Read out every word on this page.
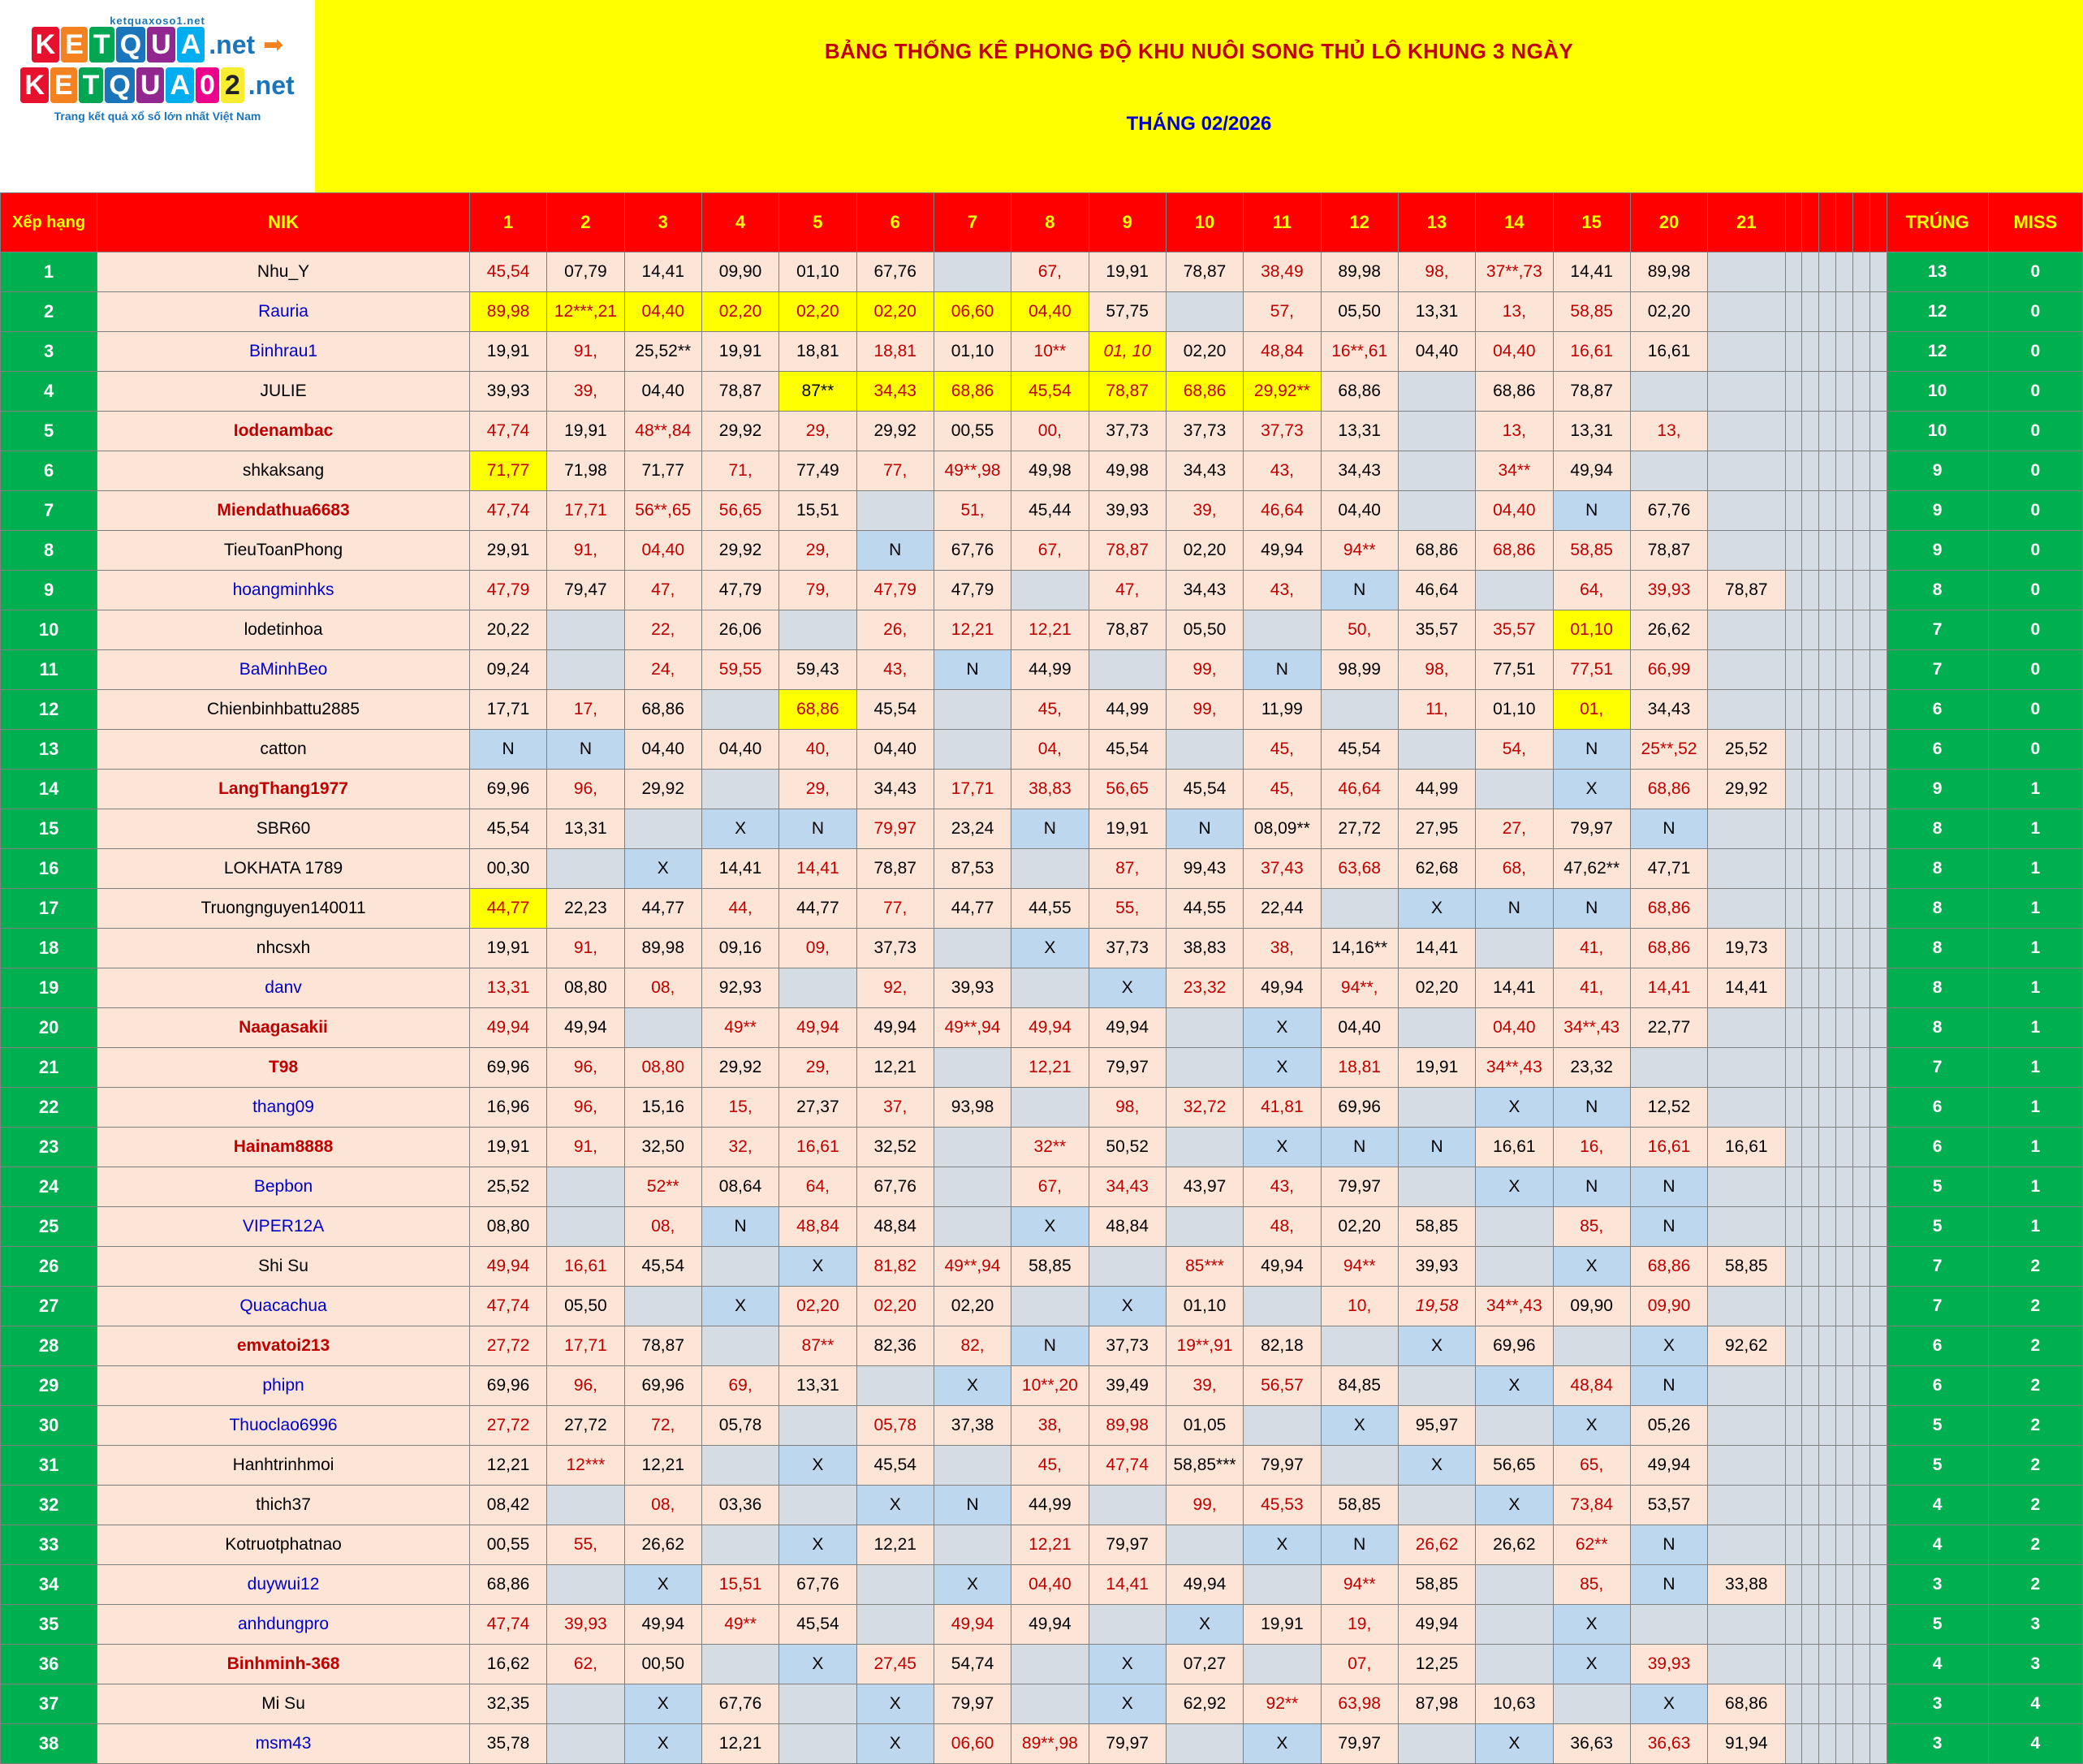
ketquaxoso1.net
K E T Q U A .net ➡
K E T Q U A 0 2 .net
Trang kết quả xổ số lớn nhất Việt Nam
BẢNG THỐNG KÊ PHONG ĐỘ KHU NUÔI SONG THỦ LÔ KHUNG 3 NGÀY
THÁNG 02/2026
Xếp hạng	NIK	1	2	3	4	5	6	7	8	9	10	11	12	13	14	15	20	21							TRÚNG	MISS
1	Nhu_Y	45,54	07,79	14,41	09,90	01,10	67,76		67,	19,91	78,87	38,49	89,98	98,	37**,73	14,41	89,98								13	0
2	Rauria	89,98	12***,21	04,40	02,20	02,20	02,20	06,60	04,40	57,75		57,	05,50	13,31	13,	58,85	02,20								12	0
3	Binhrau1	19,91	91,	25,52**	19,91	18,81	18,81	01,10	10**	01, 10	02,20	48,84	16**,61	04,40	04,40	16,61	16,61								12	0
4	JULIE	39,93	39,	04,40	78,87	87**	34,43	68,86	45,54	78,87	68,86	29,92**	68,86		68,86	78,87									10	0
5	Iodenambac	47,74	19,91	48**,84	29,92	29,	29,92	00,55	00,	37,73	37,73	37,73	13,31		13,	13,31	13,								10	0
6	shkaksang	71,77	71,98	71,77	71,	77,49	77,	49**,98	49,98	49,98	34,43	43,	34,43		34**	49,94									9	0
7	Miendathua6683	47,74	17,71	56**,65	56,65	15,51		51,	45,44	39,93	39,	46,64	04,40		04,40	N	67,76								9	0
8	TieuToanPhong	29,91	91,	04,40	29,92	29,	N	67,76	67,	78,87	02,20	49,94	94**	68,86	68,86	58,85	78,87								9	0
9	hoangminhks	47,79	79,47	47,	47,79	79,	47,79	47,79		47,	34,43	43,	N	46,64		64,	39,93	78,87							8	0
10	lodetinhoa	20,22		22,	26,06		26,	12,21	12,21	78,87	05,50		50,	35,57	35,57	01,10	26,62								7	0
11	BaMinhBeo	09,24		24,	59,55	59,43	43,	N	44,99		99,	N	98,99	98,	77,51	77,51	66,99								7	0
12	Chienbinhbattu2885	17,71	17,	68,86		68,86	45,54		45,	44,99	99,	11,99		11,	01,10	01,	34,43								6	0
13	catton	N	N	04,40	04,40	40,	04,40		04,	45,54		45,	45,54		54,	N	25**,52	25,52							6	0
14	LangThang1977	69,96	96,	29,92		29,	34,43	17,71	38,83	56,65	45,54	45,	46,64	44,99		X	68,86	29,92							9	1
15	SBR60	45,54	13,31		X	N	79,97	23,24	N	19,91	N	08,09**	27,72	27,95	27,	79,97	N								8	1
16	LOKHATA 1789	00,30		X	14,41	14,41	78,87	87,53		87,	99,43	37,43	63,68	62,68	68,	47,62**	47,71								8	1
17	Truongnguyen140011	44,77	22,23	44,77	44,	44,77	77,	44,77	44,55	55,	44,55	22,44		X	N	N	68,86								8	1
18	nhcsxh	19,91	91,	89,98	09,16	09,	37,73		X	37,73	38,83	38,	14,16**	14,41		41,	68,86	19,73							8	1
19	danv	13,31	08,80	08,	92,93		92,	39,93		X	23,32	49,94	94**,	02,20	14,41	41,	14,41	14,41							8	1
20	Naagasakii	49,94	49,94		49**	49,94	49,94	49**,94	49,94	49,94		X	04,40		04,40	34**,43	22,77								8	1
21	T98	69,96	96,	08,80	29,92	29,	12,21		12,21	79,97		X	18,81	19,91	34**,43	23,32									7	1
22	thang09	16,96	96,	15,16	15,	27,37	37,	93,98		98,	32,72	41,81	69,96		X	N	12,52								6	1
23	Hainam8888	19,91	91,	32,50	32,	16,61	32,52		32**	50,52		X	N	N	16,61	16,	16,61	16,61							6	1
24	Bepbon	25,52		52**	08,64	64,	67,76		67,	34,43	43,97	43,	79,97		X	N	N								5	1
25	VIPER12A	08,80		08,	N	48,84	48,84		X	48,84		48,	02,20	58,85		85,	N								5	1
26	Shi Su	49,94	16,61	45,54		X	81,82	49**,94	58,85		85***	49,94	94**	39,93		X	68,86	58,85							7	2
27	Quacachua	47,74	05,50		X	02,20	02,20	02,20		X	01,10		10,	19,58	34**,43	09,90	09,90								7	2
28	emvatoi213	27,72	17,71	78,87		87**	82,36	82,	N	37,73	19**,91	82,18		X	69,96		X	92,62							6	2
29	phipn	69,96	96,	69,96	69,	13,31		X	10**,20	39,49	39,	56,57	84,85		X	48,84	N								6	2
30	Thuoclao6996	27,72	27,72	72,	05,78		05,78	37,38	38,	89,98	01,05		X	95,97		X	05,26								5	2
31	Hanhtrinhmoi	12,21	12***	12,21		X	45,54		45,	47,74	58,85***	79,97		X	56,65	65,	49,94								5	2
32	thich37	08,42		08,	03,36		X	N	44,99		99,	45,53	58,85		X	73,84	53,57								4	2
33	Kotruotphatnao	00,55	55,	26,62		X	12,21		12,21	79,97		X	N	26,62	26,62	62**	N								4	2
34	duywui12	68,86		X	15,51	67,76		X	04,40	14,41	49,94		94**	58,85		85,	N	33,88							3	2
35	anhdungpro	47,74	39,93	49,94	49**	45,54		49,94	49,94		X	19,91	19,	49,94		X									5	3
36	Binhminh-368	16,62	62,	00,50		X	27,45	54,74		X	07,27		07,	12,25		X	39,93								4	3
37	Mi Su	32,35		X	67,76		X	79,97		X	62,92	92**	63,98	87,98	10,63		X	68,86							3	4
38	msm43	35,78		X	12,21		X	06,60	89**,98	79,97		X	79,97		X	36,63	36,63	91,94							3	4
